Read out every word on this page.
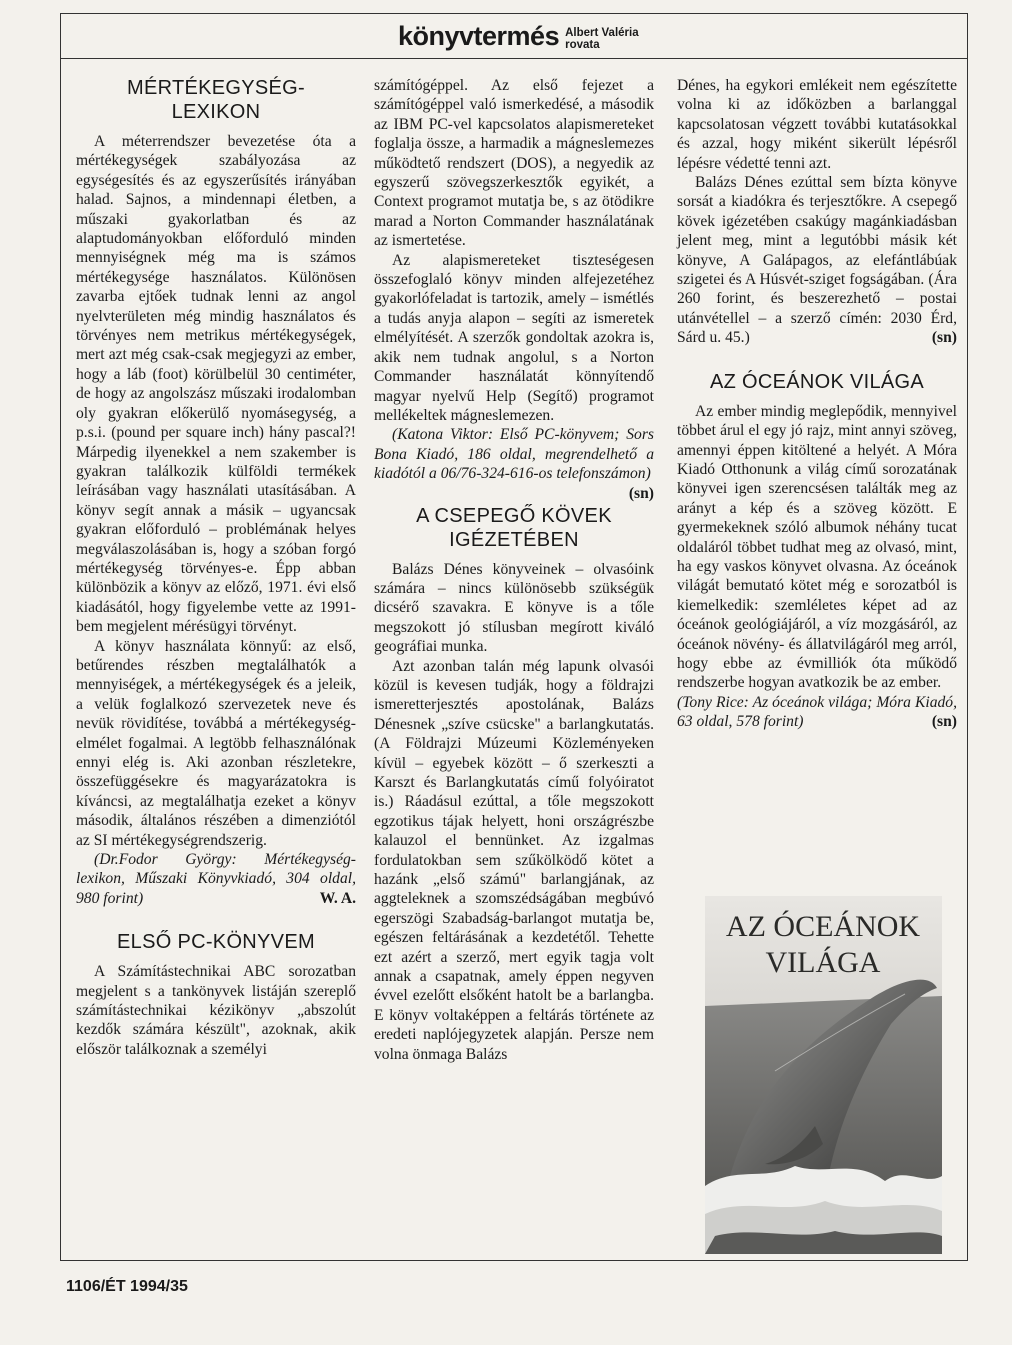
könyvtermés Albert Valéria
rovata
MÉRTÉKEGYSÉG-LEXIKON

A méterrendszer bevezetése óta a mértékegységek szabályozása az egységesítés és az egyszerűsítés irányában halad. Sajnos, a mindennapi életben, a műszaki gyakorlatban és az alaptudományokban előforduló minden mennyiségnek még ma is számos mértékegysége használatos. Különösen zavarba ejtőek tudnak lenni az angol nyelvterületen még mindig használatos és törvényes nem metrikus mértékegységek, mert azt még csak-csak megjegyzi az ember, hogy a láb (foot) körülbelül 30 centiméter, de hogy az angolszász műszaki irodalomban oly gyakran előkerülő nyomásegység, a p.s.i. (pound per square inch) hány pascal?! Márpedig ilyenekkel a nem szakember is gyakran találkozik külföldi termékek leírásában vagy használati utasításában. A könyv segít annak a másik – ugyancsak gyakran előforduló – problémának helyes megválaszolásában is, hogy a szóban forgó mértékegység törvényes-e. Épp abban különbözik a könyv az előző, 1971. évi első kiadásától, hogy figyelembe vette az 1991-bem megjelent mérésügyi törvényt.

A könyv használata könnyű: az első, betűrendes részben megtalálhatók a mennyiségek, a mértékegységek és a jeleik, a velük foglalkozó szervezetek neve és nevük rövidítése, továbbá a mértékegység-elmélet fogalmai. A legtöbb felhasználónak ennyi elég is. Aki azonban részletekre, összefüggésekre és magyarázatokra is kíváncsi, az megtalálhatja ezeket a könyv második, általános részében a dimenziótól az SI mértékegységrendszerig.

(Dr.Fodor György: Mértékegység-lexikon, Műszaki Könyvkiadó, 304 oldal, 980 forint)	W. A.

ELSŐ PC-KÖNYVEM

A Számítástechnikai ABC sorozatban megjelent s a tankönyvek listáján szereplő számítástechnikai kézikönyv „abszolút kezdők számára készült", azoknak, akik először találkoznak a személyi

számítógéppel. Az első fejezet a számítógéppel való ismerkedésé, a második az IBM PC-vel kapcsolatos alapismereteket foglalja össze, a harmadik a mágneslemezes működtető rendszert (DOS), a negyedik az egyszerű szövegszerkesztők egyikét, a Context programot mutatja be, s az ötödikre marad a Norton Commander használatának az ismertetése.

Az alapismereteket tiszteségesen összefoglaló könyv minden alfejezetéhez gyakorlófeladat is tartozik, amely – ismétlés a tudás anyja alapon – segíti az ismeretek elmélyítését. A szerzők gondoltak azokra is, akik nem tudnak angolul, s a Norton Commander használatát könnyítendő magyar nyelvű Help (Segítő) programot mellékeltek mágneslemezen.

(Katona Viktor: Első PC-könyvem; Sors Bona Kiadó, 186 oldal, megrendelhető a kiadótól a 06/76-324-616-os telefonszámon)
(sn)

A CSEPEGŐ KÖVEK IGÉZETÉBEN

Balázs Dénes könyveinek – olvasóink számára – nincs különösebb szükségük dicsérő szavakra. E könyve is a tőle megszokott jó stílusban megírott kiváló geográfiai munka.

Azt azonban talán még lapunk olvasói közül is kevesen tudják, hogy a földrajzi ismeretterjesztés apostolának, Balázs Dénesnek „szíve csücske" a barlangkutatás. (A Földrajzi Múzeumi Közleményeken kívül – egyebek között – ő szerkeszti a Karszt és Barlangkutatás című folyóiratot is.) Ráadásul ezúttal, a tőle megszokott egzotikus tájak helyett, honi országrészbe kalauzol el bennünket. Az izgalmas fordulatokban sem szűkölködő kötet a hazánk „első számú" barlangjának, az aggteleknek a szomszédságában megbúvó egerszögi Szabadság-barlangot mutatja be, egészen feltárásának a kezdetétől. Tehette ezt azért a szerző, mert egyik tagja volt annak a csapatnak, amely éppen negyven évvel ezelőtt elsőként hatolt be a barlangba. E könyv voltaképpen a feltárás története az eredeti naplójegyzetek alapján. Persze nem volna önmaga Balázs

Dénes, ha egykori emlékeit nem egészítette volna ki az időközben a barlanggal kapcsolatosan végzett további kutatásokkal és azzal, hogy miként sikerült lépésről lépésre védetté tenni azt.

Balázs Dénes ezúttal sem bízta könyve sorsát a kiadókra és terjesztőkre. A csepegő kövek igézetében csakúgy magánkiadásban jelent meg, mint a legutóbbi másik két könyve, A Galápagos, az elefántlábúak szigetei és A Húsvét-sziget fogságában. (Ára 260 forint, és beszerezhető – postai utánvétellel – a szerző címén: 2030 Érd, Sárd u. 45.)	(sn)

AZ ÓCEÁNOK VILÁGA

Az ember mindig meglepődik, mennyivel többet árul el egy jó rajz, mint annyi szöveg, amennyi éppen kitöltené a helyét. A Móra Kiadó Otthonunk a világ című sorozatának könyvei igen szerencsésen találták meg az arányt a kép és a szöveg között. E gyermekeknek szóló albumok néhány tucat oldaláról többet tudhat meg az olvasó, mint, ha egy vaskos könyvet olvasna. Az óceánok világát bemutató kötet még e sorozatból is kiemelkedik: szemléletes képet ad az óceánok geológiájáról, a víz mozgásáról, az óceánok növény- és állatvilágáról meg arról, hogy ebbe az évmilliók óta működő rendszerbe hogyan avatkozik be az ember.

(Tony Rice: Az óceánok világa; Móra Kiadó, 63 oldal, 578 forint)	(sn)

AZ ÓCEÁNOK
VILÁGA
1106/ÉT 1994/35
